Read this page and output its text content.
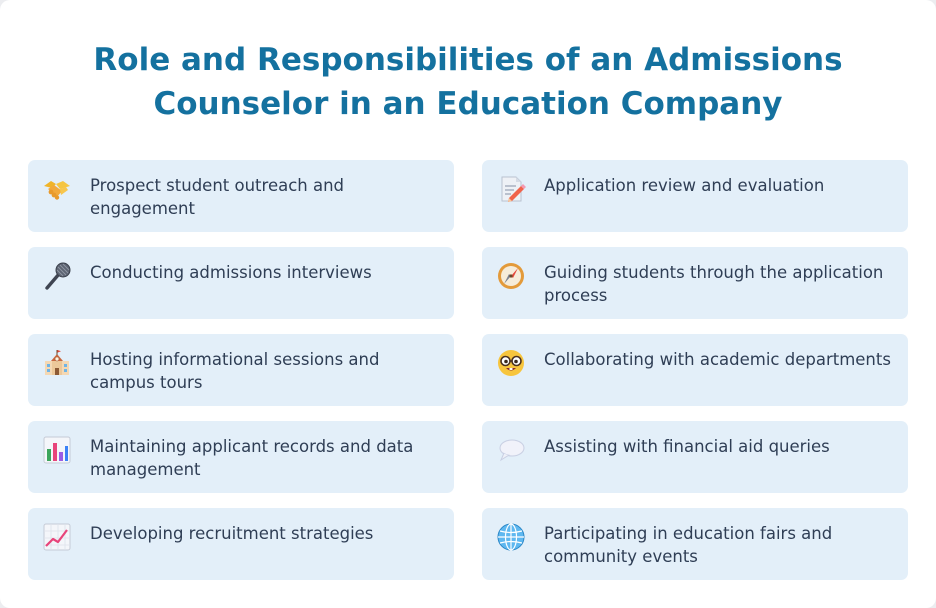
Role and Responsibilities of an Admissions
Counselor in an Education Company
Prospect student outreach and engagement
Application review and evaluation
Conducting admissions interviews	Guiding students through the application process
Hosting informational sessions and campus tours
Collaborating with academic departments
Maintaining applicant records and data management
Assisting with financial aid queries
Developing recruitment strategies	Participating in education fairs and community events
